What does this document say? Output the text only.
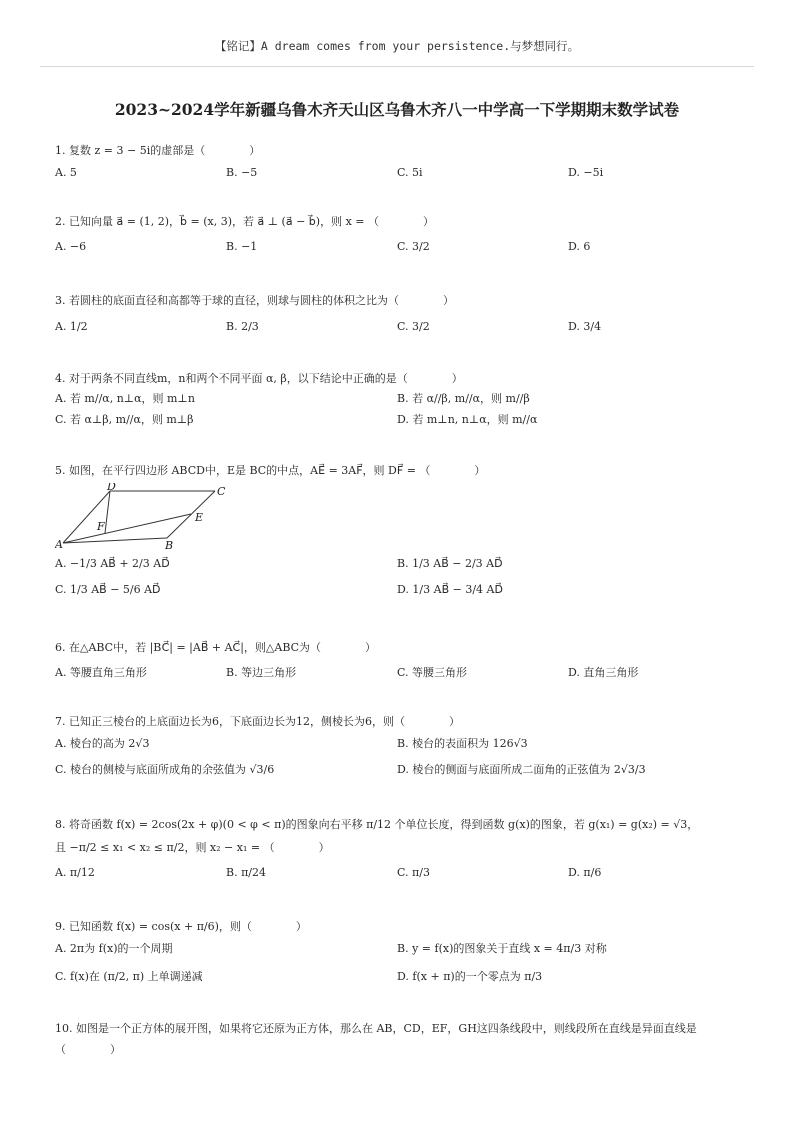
【铭记】A dream comes from your persistence.与梦想同行。
2023~2024学年新疆乌鲁木齐天山区乌鲁木齐八一中学高一下学期期末数学试卷
1. 复数 z = 3 − 5i的虚部是（　　　　）
A. 5	B. −5	C. 5i	D. −5i
2. 已知向量 a⃗ = (1, 2)，b⃗ = (x, 3)，若 a⃗ ⊥ (a⃗ − b⃗)，则 x = （　　　　）
A. −6	B. −1	C. 3/2	D. 6
3. 若圆柱的底面直径和高都等于球的直径，则球与圆柱的体积之比为（　　　　）
A. 1/2	B. 2/3	C. 3/2	D. 3/4
4. 对于两条不同直线m，n和两个不同平面 α, β，以下结论中正确的是（　　　　）
A. 若 m//α, n⊥α，则 m⊥n	B. 若 α//β, m//α，则 m//β
C. 若 α⊥β, m//α，则 m⊥β	D. 若 m⊥n, n⊥α，则 m//α
5. 如图，在平行四边形 ABCD中，E是 BC的中点，AE⃗ = 3AF⃗，则 DF⃗ = （　　　　）
D	C
E
F
A	B
A. −1/3 AB⃗ + 2/3 AD⃗	B. 1/3 AB⃗ − 2/3 AD⃗
C. 1/3 AB⃗ − 5/6 AD⃗	D. 1/3 AB⃗ − 3/4 AD⃗
6. 在△ABC中，若 |BC⃗| = |AB⃗ + AC⃗|，则△ABC为（　　　　）
A. 等腰直角三角形	B. 等边三角形	C. 等腰三角形	D. 直角三角形
7. 已知正三棱台的上底面边长为6，下底面边长为12，侧棱长为6，则（　　　　）
A. 棱台的高为 2√3	B. 棱台的表面积为 126√3
C. 棱台的侧棱与底面所成角的余弦值为 √3/6	D. 棱台的侧面与底面所成二面角的正弦值为 2√3/3
8. 将奇函数 f(x) = 2cos(2x + φ)(0 < φ < π)的图象向右平移 π/12 个单位长度，得到函数 g(x)的图象，若 g(x₁) = g(x₂) = √3，
且 −π/2 ≤ x₁ < x₂ ≤ π/2，则 x₂ − x₁ = （　　　　）
A. π/12	B. π/24	C. π/3	D. π/6
9. 已知函数 f(x) = cos(x + π/6)，则（　　　　）
A. 2π为 f(x)的一个周期	B. y = f(x)的图象关于直线 x = 4π/3 对称
C. f(x)在 (π/2, π) 上单调递减	D. f(x + π)的一个零点为 π/3
10. 如图是一个正方体的展开图，如果将它还原为正方体，那么在 AB，CD，EF，GH这四条线段中，则线段所在直线是异面直线是
（　　　　）
